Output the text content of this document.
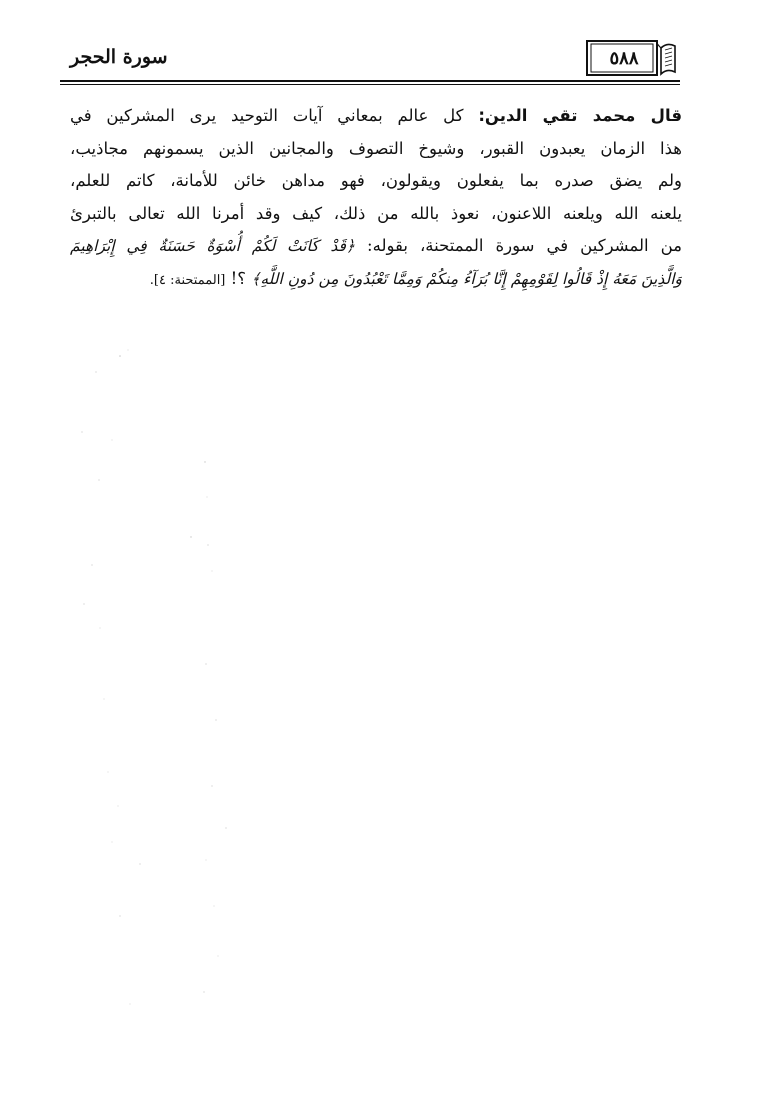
سورة الحجر	٥٨٨
قال محمد تقي الدين: كل عالم بمعاني آيات التوحيد يرى المشركين في
هذا الزمان يعبدون القبور، وشيوخ التصوف والمجانين الذين يسمونهم مجاذيب،
ولم يضق صدره بما يفعلون ويقولون، فهو مداهن خائن للأمانة، كاتم للعلم،
يلعنه الله ويلعنه اللاعنون، نعوذ بالله من ذلك، كيف وقد أمرنا الله تعالى بالتبرئ
من المشركين في سورة الممتحنة، بقوله: ﴿قَدْ كَانَتْ لَكُمْ أُسْوَةٌ حَسَنَةٌ فِي إِبْرَاهِيمَ
وَالَّذِينَ مَعَهُ إِذْ قَالُوا لِقَوْمِهِمْ إِنَّا بُرَآءُ مِنكُمْ وَمِمَّا تَعْبُدُونَ مِن دُونِ اللَّهِ﴾ ؟! [الممتحنة: ٤].
